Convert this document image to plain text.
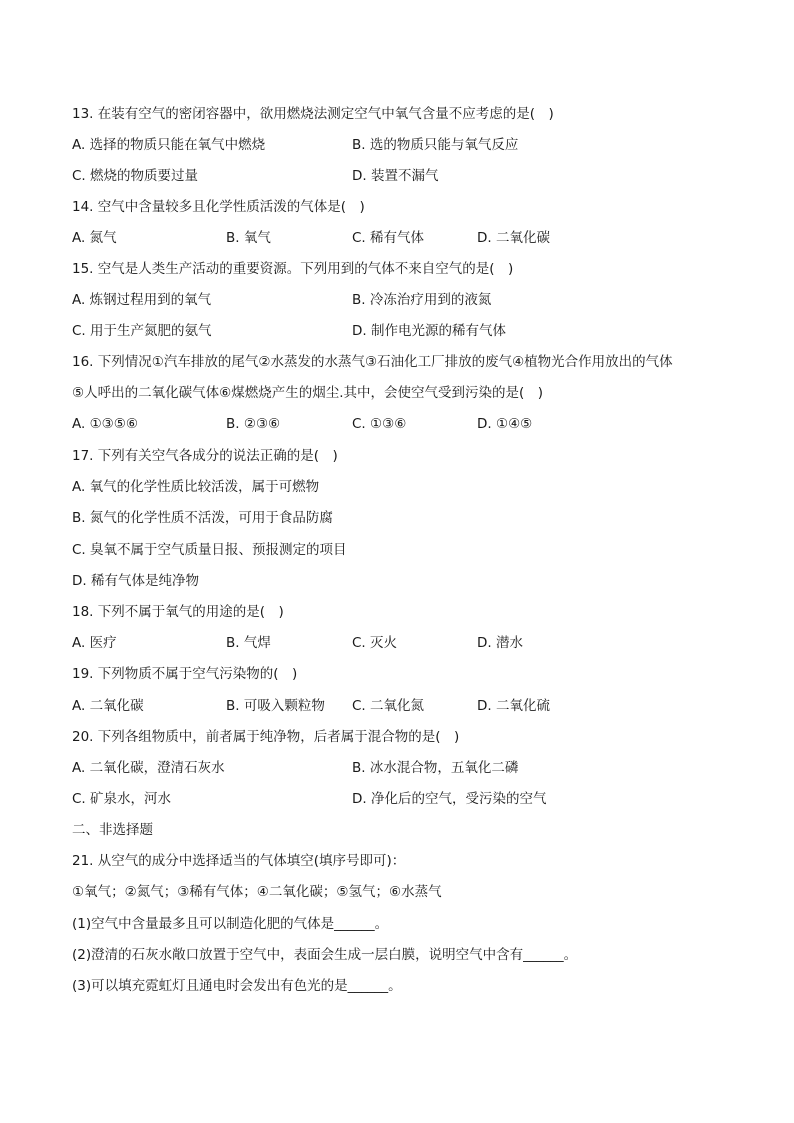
13. 在装有空气的密闭容器中，欲用燃烧法测定空气中氧气含量不应考虑的是(　)
A. 选择的物质只能在氧气中燃烧	B. 选的物质只能与氧气反应
C. 燃烧的物质要过量	D. 装置不漏气
14. 空气中含量较多且化学性质活泼的气体是(　)
A. 氮气	B. 氧气	C. 稀有气体	D. 二氧化碳
15. 空气是人类生产活动的重要资源。下列用到的气体不来自空气的是(　)
A. 炼钢过程用到的氧气	B. 冷冻治疗用到的液氮
C. 用于生产氮肥的氨气	D. 制作电光源的稀有气体
16. 下列情况①汽车排放的尾气②水蒸发的水蒸气③石油化工厂排放的废气④植物光合作用放出的气体
⑤人呼出的二氧化碳气体⑥煤燃烧产生的烟尘.其中，会使空气受到污染的是(　)
A. ①③⑤⑥	B. ②③⑥	C. ①③⑥	D. ①④⑤
17. 下列有关空气各成分的说法正确的是(　)
A. 氧气的化学性质比较活泼，属于可燃物
B. 氮气的化学性质不活泼，可用于食品防腐
C. 臭氧不属于空气质量日报、预报测定的项目
D. 稀有气体是纯净物
18. 下列不属于氧气的用途的是(　)
A. 医疗	B. 气焊	C. 灭火	D. 潜水
19. 下列物质不属于空气污染物的(　)
A. 二氧化碳	B. 可吸入颗粒物 C. 二氧化氮	D. 二氧化硫
20. 下列各组物质中，前者属于纯净物，后者属于混合物的是(　)
A. 二氧化碳，澄清石灰水	B. 冰水混合物，五氧化二磷
C. 矿泉水，河水	D. 净化后的空气，受污染的空气
二、非选择题
21. 从空气的成分中选择适当的气体填空(填序号即可)：
①氧气；②氮气；③稀有气体；④二氧化碳；⑤氢气；⑥水蒸气
(1)空气中含量最多且可以制造化肥的气体是______。
(2)澄清的石灰水敞口放置于空气中，表面会生成一层白膜，说明空气中含有______。
(3)可以填充霓虹灯且通电时会发出有色光的是______。
